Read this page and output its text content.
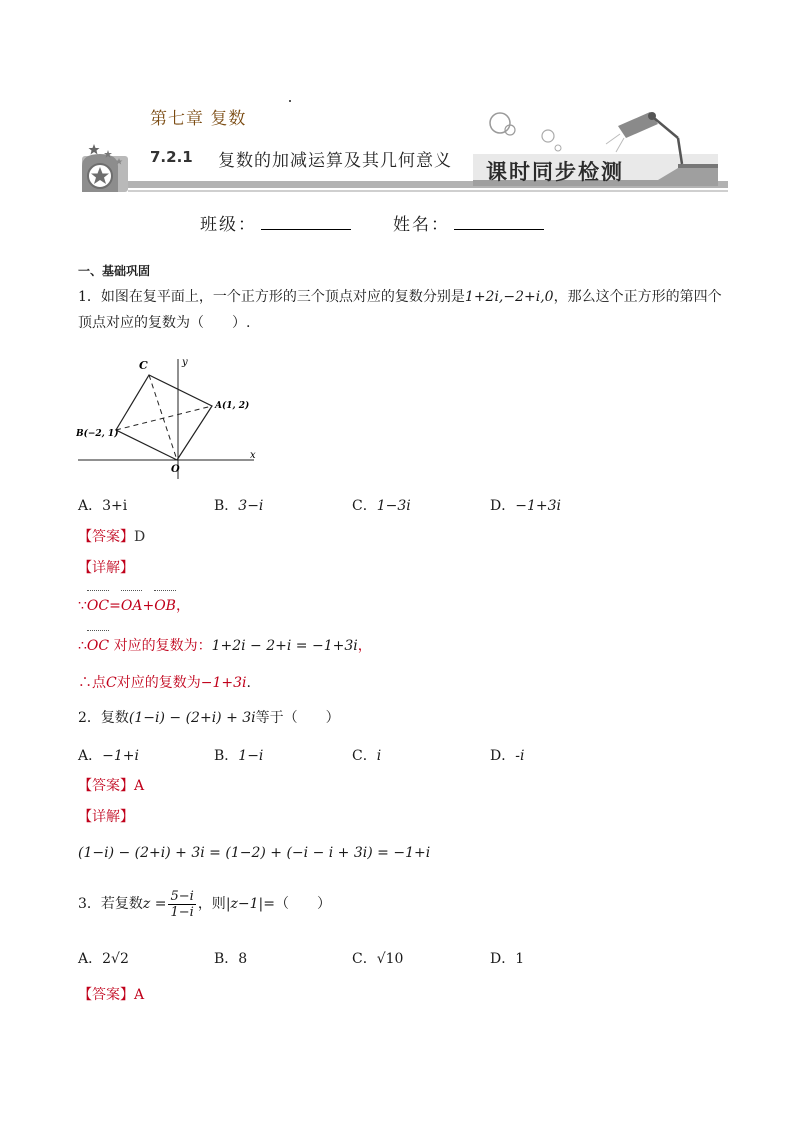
第七章 复数
7.2.1 复数的加减运算及其几何意义 课时同步检测
班级：	姓名：
一、基础巩固
1．如图在复平面上，一个正方形的三个顶点对应的复数分别是1+2i,−2+i,0，那么这个正方形的第四个
顶点对应的复数为（　　）.
C	y
A(1, 2)
B(−2, 1)
O
x
A．3+i	B．3−i	C．1−3i	D．−1+3i
【答案】D
【详解】
∵OC=OA+OB，
∴OC 对应的复数为：1+2i − 2+i = −1+3i，
∴点C对应的复数为−1+3i.
2．复数(1−i) − (2+i) + 3i等于（　　）
A．−1+i	B．1−i	C．i	D．-i
【答案】A
【详解】
(1−i) − (2+i) + 3i = (1−2) + (−i − i + 3i) = −1+i
3．若复数$z = \frac{5-i}{1-i}$ ，则|z−1|=（　　）
A．2√2	B．8	C．√10	D．1
【答案】A
